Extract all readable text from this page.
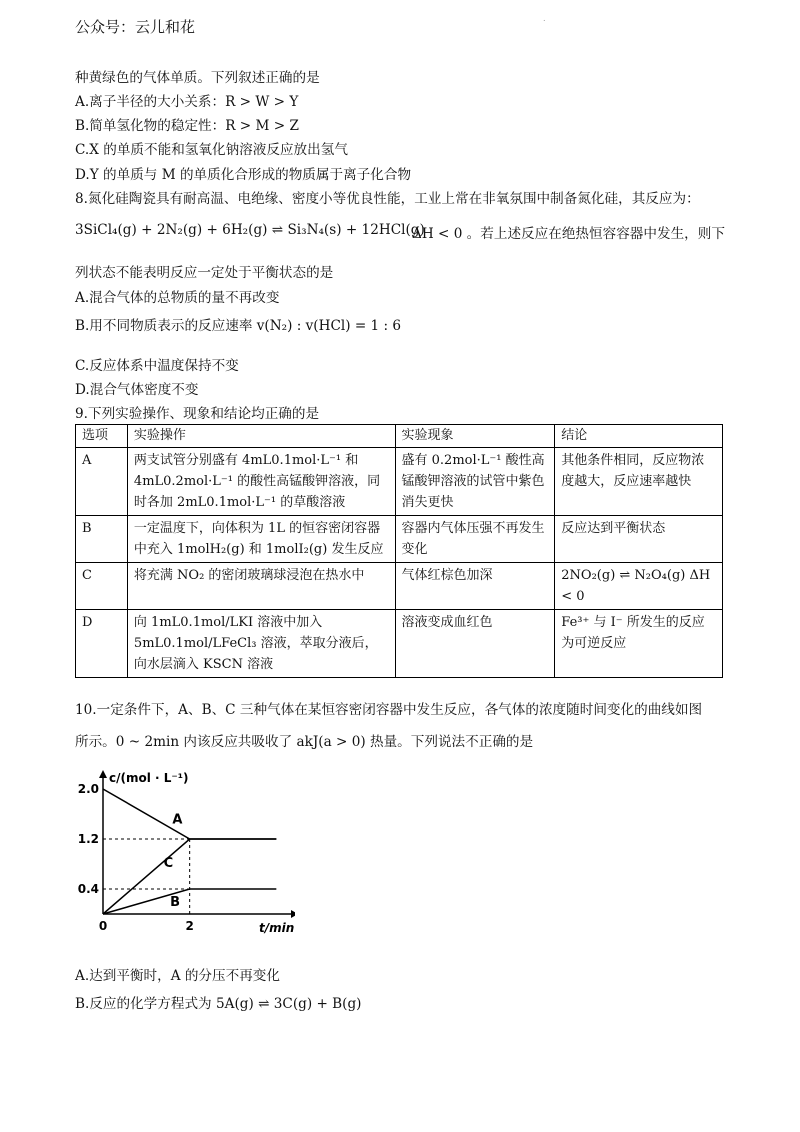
公众号：云儿和花	.
种黄绿色的气体单质。下列叙述正确的是
A.离子半径的大小关系：R > W > Y
B.简单氢化物的稳定性：R > M > Z
C.X 的单质不能和氢氧化钠溶液反应放出氢气
D.Y 的单质与 M 的单质化合形成的物质属于离子化合物
8.氮化硅陶瓷具有耐高温、电绝缘、密度小等优良性能，工业上常在非氧氛围中制备氮化硅，其反应为：
3SiCl₄(g) + 2N₂(g) + 6H₂(g) ⇌ Si₃N₄(s) + 12HCl(g)
ΔH < 0 。若上述反应在绝热恒容容器中发生，则下
列状态不能表明反应一定处于平衡状态的是
A.混合气体的总物质的量不再改变
B.用不同物质表示的反应速率 v(N₂) : v(HCl) = 1 : 6
C.反应体系中温度保持不变
D.混合气体密度不变
9.下列实验操作、现象和结论均正确的是
选项	实验操作	实验现象	结论
A	两支试管分别盛有 4mL0.1mol·L⁻¹ 和 4mL0.2mol·L⁻¹ 的酸性高锰酸钾溶液，同时各加 2mL0.1mol·L⁻¹ 的草酸溶液	盛有 0.2mol·L⁻¹ 酸性高锰酸钾溶液的试管中紫色消失更快	其他条件相同，反应物浓度越大，反应速率越快
B	一定温度下，向体积为 1L 的恒容密闭容器中充入 1molH₂(g) 和 1molI₂(g) 发生反应	容器内气体压强不再发生变化	反应达到平衡状态
C	将充满 NO₂ 的密闭玻璃球浸泡在热水中	气体红棕色加深	2NO₂(g) ⇌ N₂O₄(g) ΔH < 0
D	向 1mL0.1mol/LKI 溶液中加入 5mL0.1mol/LFeCl₃ 溶液，萃取分液后，向水层滴入 KSCN 溶液	溶液变成血红色	Fe³⁺ 与 I⁻ 所发生的反应为可逆反应
10.一定条件下，A、B、C 三种气体在某恒容密闭容器中发生反应，各气体的浓度随时间变化的曲线如图
所示。0 ~ 2min 内该反应共吸收了 akJ(a > 0) 热量。下列说法不正确的是
c/(mol · L⁻¹)
t/min
2.0
1.2
0.4
0	2
A
C
B
A.达到平衡时，A 的分压不再变化
B.反应的化学方程式为 5A(g) ⇌ 3C(g) + B(g)
